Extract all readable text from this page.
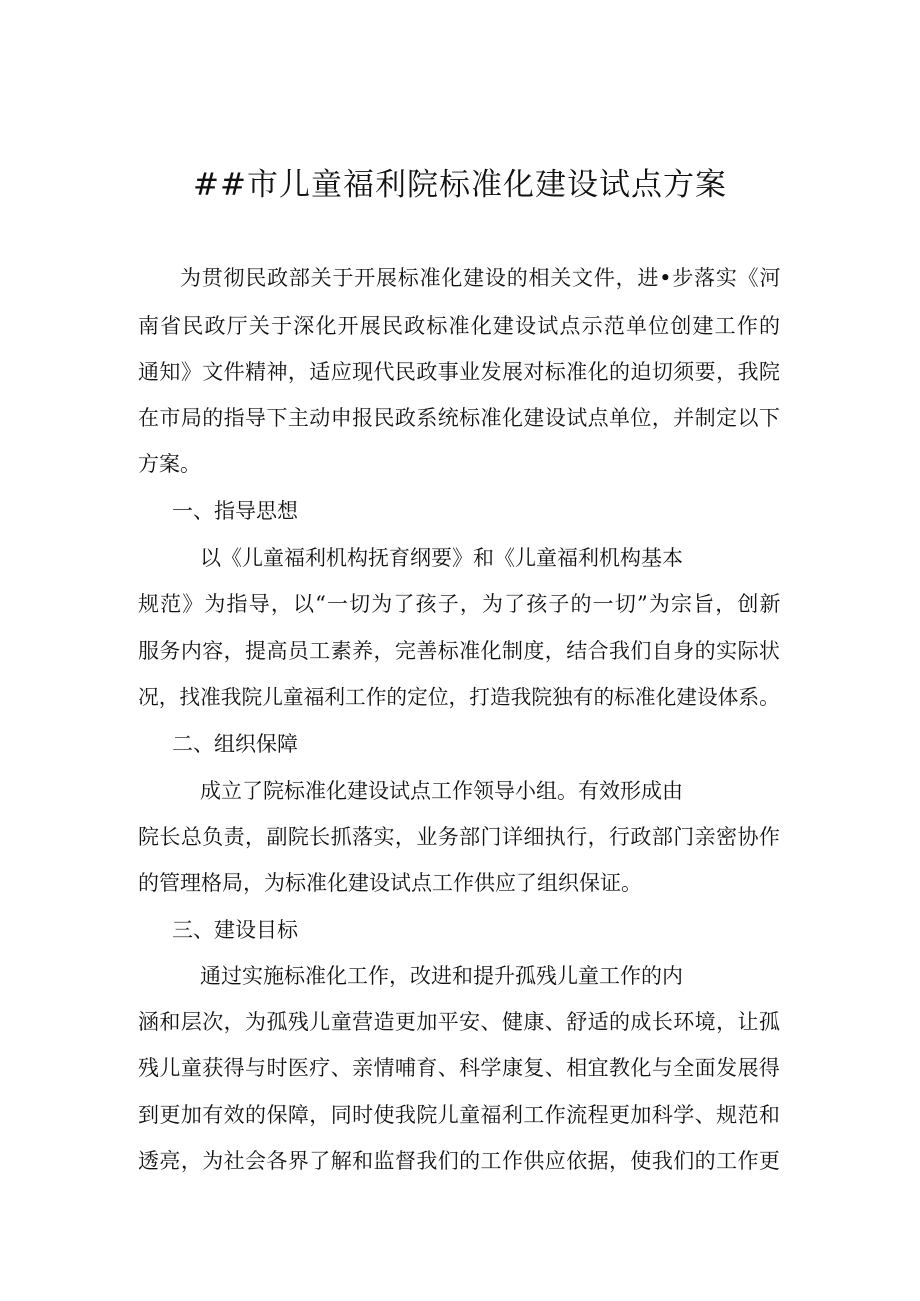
##市儿童福利院标准化建设试点方案
为贯彻民政部关于开展标准化建设的相关文件，进•步落实《河
南省民政厅关于深化开展民政标准化建设试点示范单位创建工作的
通知》文件精神，适应现代民政事业发展对标准化的迫切须要，我院
在市局的指导下主动申报民政系统标准化建设试点单位，并制定以下
方案。
一、指导思想
以《儿童福利机构抚育纲要》和《儿童福利机构基本
规范》为指导，以“一切为了孩子，为了孩子的一切”为宗旨，创新
服务内容，提高员工素养，完善标准化制度，结合我们自身的实际状
况，找准我院儿童福利工作的定位，打造我院独有的标准化建设体系。
二、组织保障
成立了院标准化建设试点工作领导小组。有效形成由
院长总负责，副院长抓落实，业务部门详细执行，行政部门亲密协作
的管理格局，为标准化建设试点工作供应了组织保证。
三、建设目标
通过实施标准化工作，改进和提升孤残儿童工作的内
涵和层次，为孤残儿童营造更加平安、健康、舒适的成长环境，让孤
残儿童获得与时医疗、亲情哺育、科学康复、相宜教化与全面发展得
到更加有效的保障，同时使我院儿童福利工作流程更加科学、规范和
透亮，为社会各界了解和监督我们的工作供应依据，使我们的工作更
